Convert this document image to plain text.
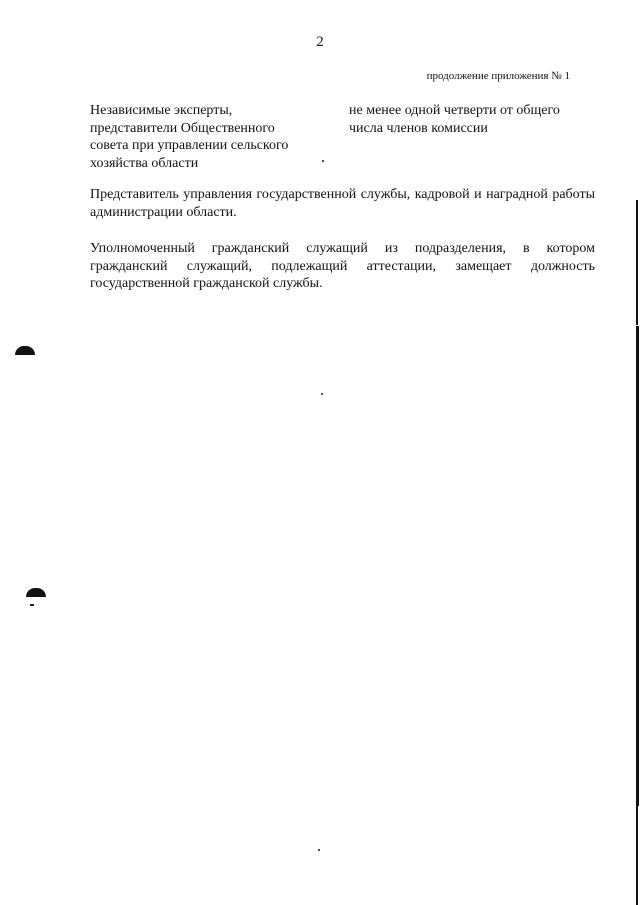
2
продолжение приложения № 1
Независимые эксперты,
представители Общественного
совета при управлении сельского
хозяйства области
не менее одной четверти от общего
числа членов комиссии
Представитель управления государственной службы, кадровой и наградной работы администрации области.
Уполномоченный гражданский служащий из подразделения, в котором гражданский служащий, подлежащий аттестации, замещает должность государственной гражданской службы.
